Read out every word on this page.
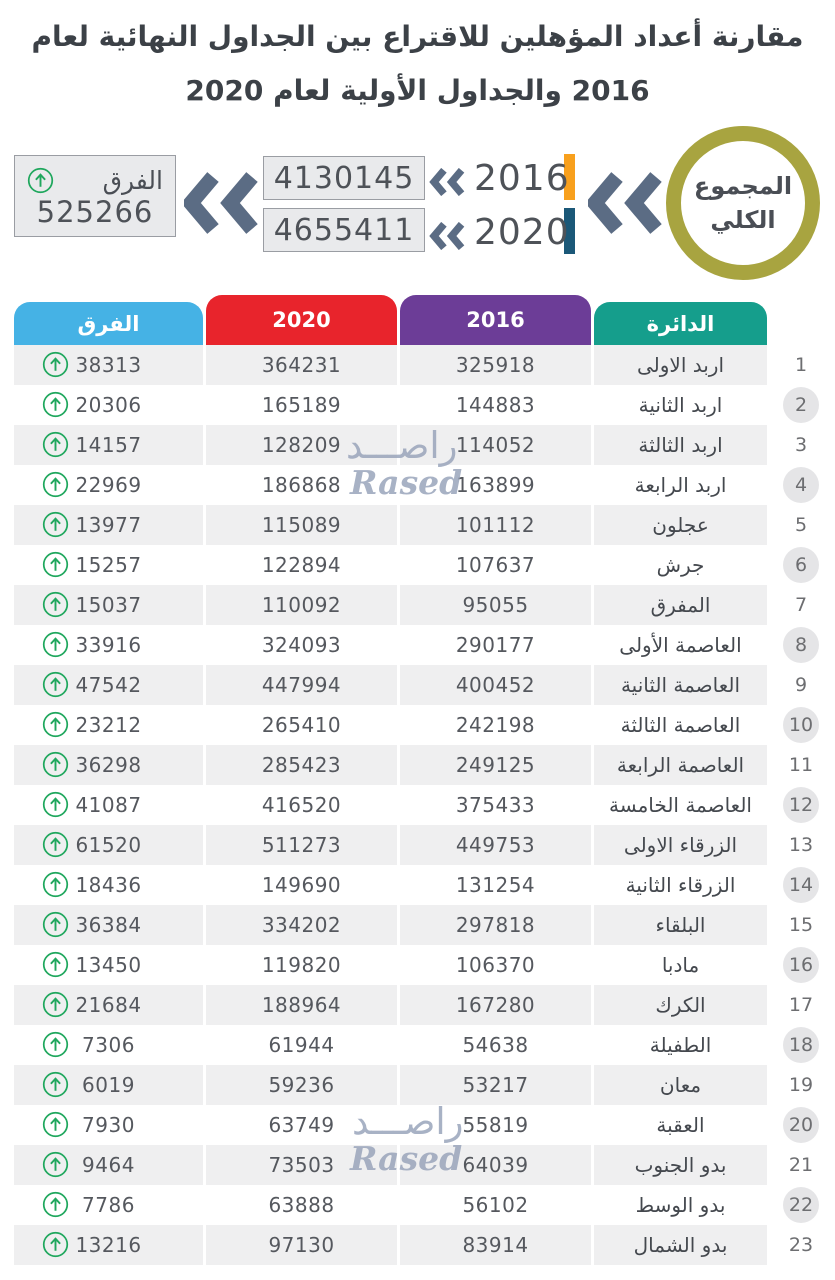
مقارنة أعداد المؤهلين للاقتراع بين الجداول النهائية لعام
2016 والجداول الأولية لعام 2020
المجموع
الكلي
2016
2020
4130145
4655411
الفرق
525266
الفرق	2020	2016	الدائرة
38313	364231	325918	اربد الاولى	1
20306	165189	144883	اربد الثانية	2
14157	128209	114052	اربد الثالثة	3
22969	186868	163899	اربد الرابعة	4
13977	115089	101112	عجلون	5
15257	122894	107637	جرش	6
15037	110092	95055	المفرق	7
33916	324093	290177	العاصمة الأولى	8
47542	447994	400452	العاصمة الثانية	9
23212	265410	242198	العاصمة الثالثة	10
36298	285423	249125	العاصمة الرابعة	11
41087	416520	375433	العاصمة الخامسة	12
61520	511273	449753	الزرقاء الاولى	13
18436	149690	131254	الزرقاء الثانية	14
36384	334202	297818	البلقاء	15
13450	119820	106370	مادبا	16
21684	188964	167280	الكرك	17
7306	61944	54638	الطفيلة	18
6019	59236	53217	معان	19
7930	63749	55819	العقبة	20
9464	73503	64039	بدو الجنوب	21
7786	63888	56102	بدو الوسط	22
13216	97130	83914	بدو الشمال	23
راصـــد
Rased
راصـــد
Rased
